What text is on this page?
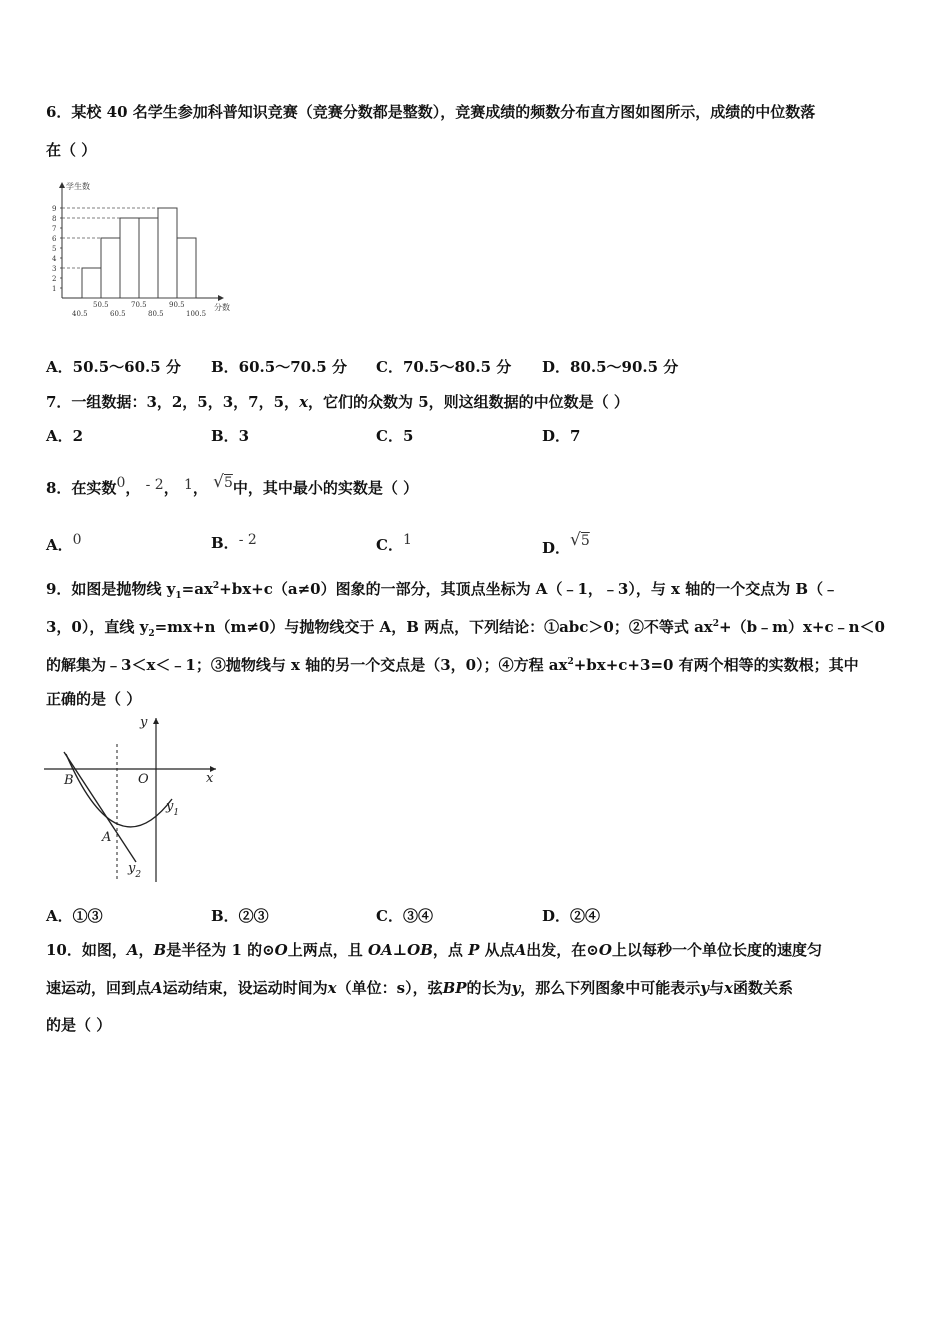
6．某校 40 名学生参加科普知识竞赛（竞赛分数都是整数），竞赛成绩的频数分布直方图如图所示，成绩的中位数落
在（ ）
学生数
分数
1
2
3
4
5
6
7
8
9
40.5	60.5	80.5	100.5
50.5	70.5	90.5
A．50.5～60.5 分 B．60.5～70.5 分 C．70.5～80.5 分 D．80.5～90.5 分
7．一组数据：3，2，5，3，7，5，x，它们的众数为 5，则这组数据的中位数是（ ）
A．2	B．3	C．5	D．7
8．在实数0， - 2， 1， √5中，其中最小的实数是（ ）
A．0	B．- 2	C．1	D．√5
9．如图是抛物线 $y_1=ax^2+bx+c(a\ne 0)$图象的一部分，其顶点坐标为 A（﹣1，﹣3），与 x 轴的一个交点为 B（﹣
3，0），直线 $y_2=mx+n(m\ne 0)$与抛物线交于 A，B 两点，下列结论：①abc＞0；②不等式 $ax^2+(b﹣m)x+c﹣n<0$
的解集为﹣3＜x＜﹣1；③抛物线与 x 轴的另一个交点是（3，0）；④方程 $ax^2+bx+c+3=0$ 有两个相等的实数根；其中
正确的是（ ）
y
x
O
B
A
$y_1$
$y_2$
A．①③	B．②③	C．③④	D．②④
10．如图，A，B是半径为 1 的⊙O上两点，且 OA⊥OB，点 P 从点A出发，在⊙O上以每秒一个单位长度的速度匀
速运动，回到点A运动结束，设运动时间为x（单位：s），弦BP的长为y，那么下列图象中可能表示y与x函数关系
的是（ ）
